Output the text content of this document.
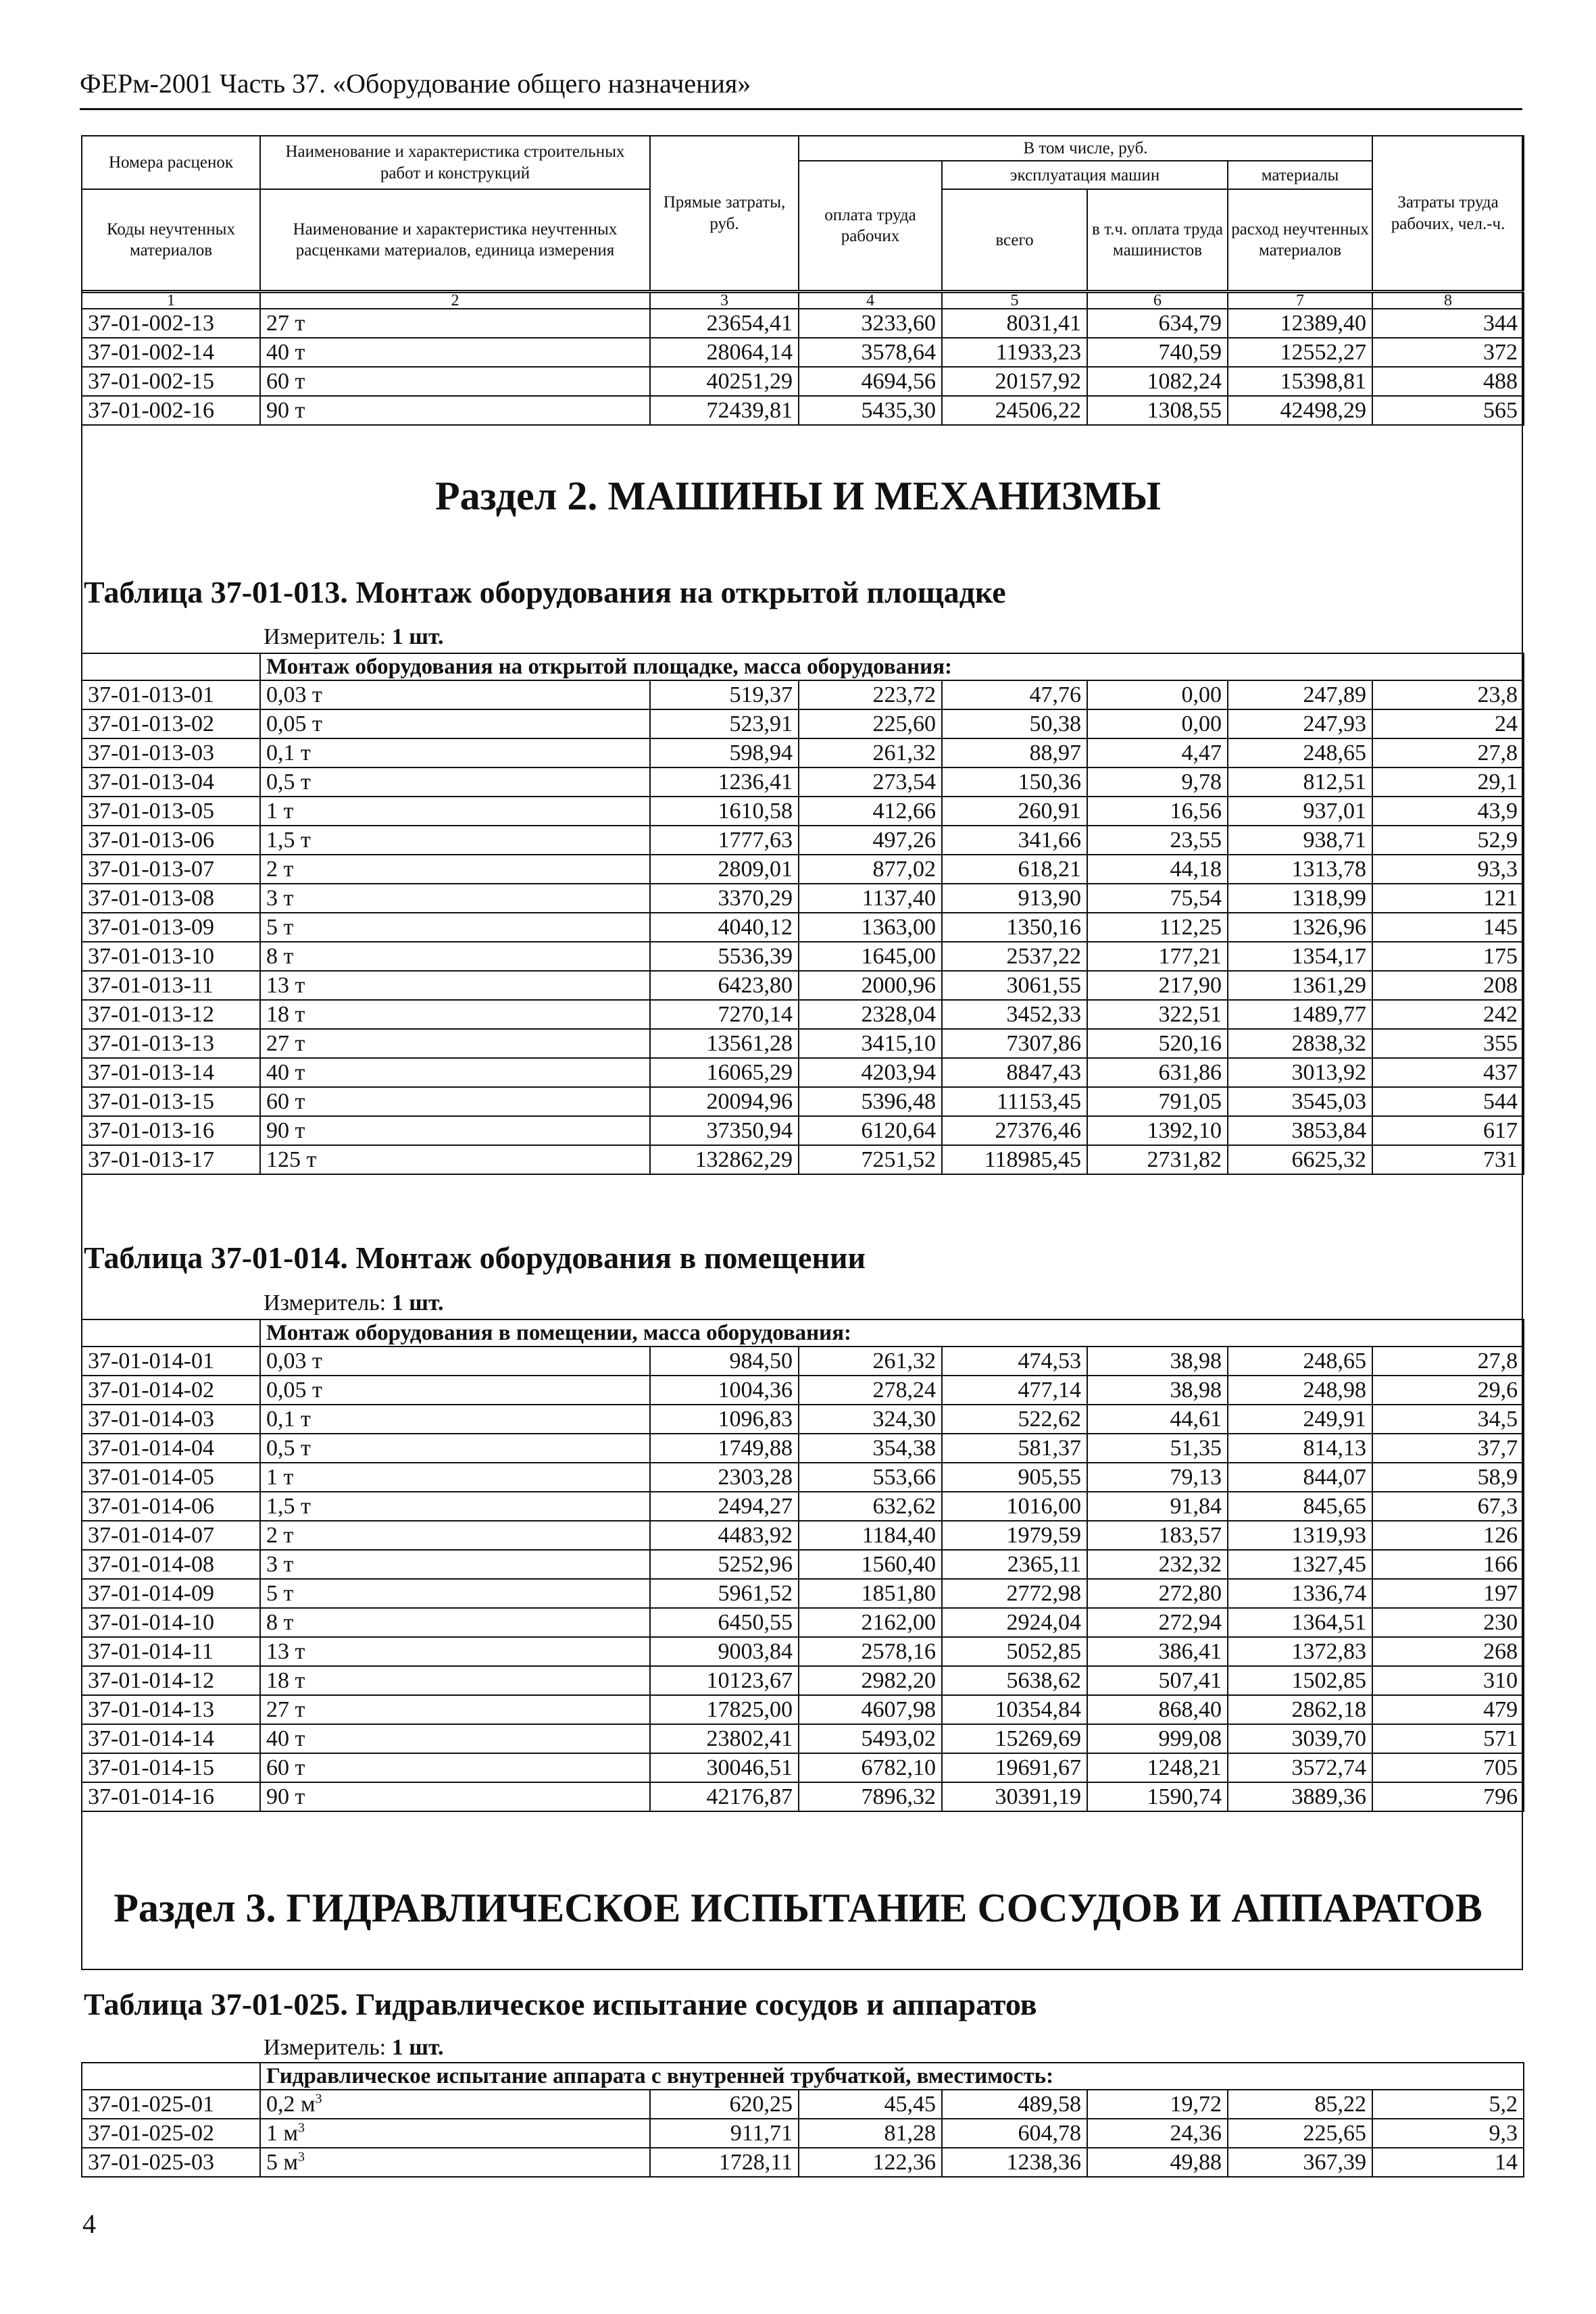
ФЕРм-2001 Часть 37. «Оборудование общего назначения»
Номера расценок	Наименование и характеристика строительных работ и конструкций	Прямые затраты, руб.	В том числе, руб.				Затраты труда рабочих, чел.-ч.
			оплата труда рабочих	эксплуатация машин		материалы	
Коды неучтенных материалов	Наименование и характеристика неучтенных расценками материалов, единица измерения			всего	в т.ч. оплата труда машинистов	расход неучтенных материалов	
1	2	3	4	5	6	7	8
37-01-002-13	27 т	23654,41	3233,60	8031,41	634,79	12389,40	344
37-01-002-14	40 т	28064,14	3578,64	11933,23	740,59	12552,27	372
37-01-002-15	60 т	40251,29	4694,56	20157,92	1082,24	15398,81	488
37-01-002-16	90 т	72439,81	5435,30	24506,22	1308,55	42498,29	565
Раздел 2. МАШИНЫ И МЕХАНИЗМЫ
Таблица 37-01-013. Монтаж оборудования на открытой площадке
Измеритель: 1 шт.
	Монтаж оборудования на открытой площадке, масса оборудования:						
37-01-013-01	0,03 т	519,37	223,72	47,76	0,00	247,89	23,8
37-01-013-02	0,05 т	523,91	225,60	50,38	0,00	247,93	24
37-01-013-03	0,1 т	598,94	261,32	88,97	4,47	248,65	27,8
37-01-013-04	0,5 т	1236,41	273,54	150,36	9,78	812,51	29,1
37-01-013-05	1 т	1610,58	412,66	260,91	16,56	937,01	43,9
37-01-013-06	1,5 т	1777,63	497,26	341,66	23,55	938,71	52,9
37-01-013-07	2 т	2809,01	877,02	618,21	44,18	1313,78	93,3
37-01-013-08	3 т	3370,29	1137,40	913,90	75,54	1318,99	121
37-01-013-09	5 т	4040,12	1363,00	1350,16	112,25	1326,96	145
37-01-013-10	8 т	5536,39	1645,00	2537,22	177,21	1354,17	175
37-01-013-11	13 т	6423,80	2000,96	3061,55	217,90	1361,29	208
37-01-013-12	18 т	7270,14	2328,04	3452,33	322,51	1489,77	242
37-01-013-13	27 т	13561,28	3415,10	7307,86	520,16	2838,32	355
37-01-013-14	40 т	16065,29	4203,94	8847,43	631,86	3013,92	437
37-01-013-15	60 т	20094,96	5396,48	11153,45	791,05	3545,03	544
37-01-013-16	90 т	37350,94	6120,64	27376,46	1392,10	3853,84	617
37-01-013-17	125 т	132862,29	7251,52	118985,45	2731,82	6625,32	731
Таблица 37-01-014. Монтаж оборудования в помещении
Измеритель: 1 шт.
	Монтаж оборудования в помещении, масса оборудования:						
37-01-014-01	0,03 т	984,50	261,32	474,53	38,98	248,65	27,8
37-01-014-02	0,05 т	1004,36	278,24	477,14	38,98	248,98	29,6
37-01-014-03	0,1 т	1096,83	324,30	522,62	44,61	249,91	34,5
37-01-014-04	0,5 т	1749,88	354,38	581,37	51,35	814,13	37,7
37-01-014-05	1 т	2303,28	553,66	905,55	79,13	844,07	58,9
37-01-014-06	1,5 т	2494,27	632,62	1016,00	91,84	845,65	67,3
37-01-014-07	2 т	4483,92	1184,40	1979,59	183,57	1319,93	126
37-01-014-08	3 т	5252,96	1560,40	2365,11	232,32	1327,45	166
37-01-014-09	5 т	5961,52	1851,80	2772,98	272,80	1336,74	197
37-01-014-10	8 т	6450,55	2162,00	2924,04	272,94	1364,51	230
37-01-014-11	13 т	9003,84	2578,16	5052,85	386,41	1372,83	268
37-01-014-12	18 т	10123,67	2982,20	5638,62	507,41	1502,85	310
37-01-014-13	27 т	17825,00	4607,98	10354,84	868,40	2862,18	479
37-01-014-14	40 т	23802,41	5493,02	15269,69	999,08	3039,70	571
37-01-014-15	60 т	30046,51	6782,10	19691,67	1248,21	3572,74	705
37-01-014-16	90 т	42176,87	7896,32	30391,19	1590,74	3889,36	796
Раздел 3. ГИДРАВЛИЧЕСКОЕ ИСПЫТАНИЕ СОСУДОВ И АППАРАТОВ
Таблица 37-01-025. Гидравлическое испытание сосудов и аппаратов
Измеритель: 1 шт.
	Гидравлическое испытание аппарата с внутренней трубчаткой, вместимость:						
37-01-025-01	0,2 $м^3$	620,25	45,45	489,58	19,72	85,22	5,2
37-01-025-02	1 $м^3$	911,71	81,28	604,78	24,36	225,65	9,3
37-01-025-03	5 $м^3$	1728,11	122,36	1238,36	49,88	367,39	14
4
